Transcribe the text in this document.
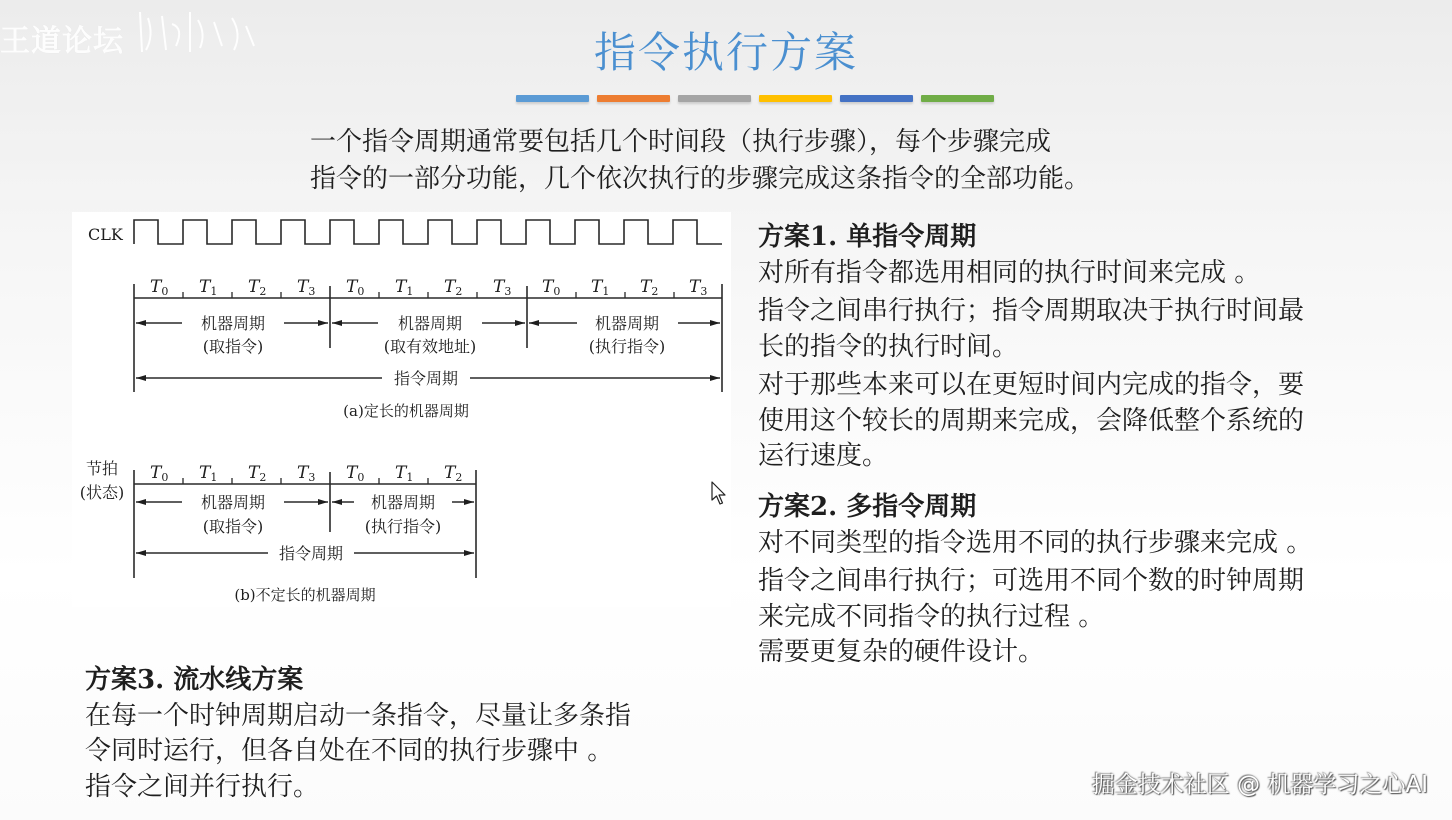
王道论坛	指令执行方案
一个指令周期通常要包括几个时间段（执行步骤），每个步骤完成
指令的一部分功能，几个依次执行的步骤完成这条指令的全部功能。
CLK
T0 T1 T2 T3 T0 T1 T2 T3 T0 T1 T2 T3
机器周期
(取指令)
机器周期
(取有效地址)
机器周期
(执行指令)
指令周期
(a)定长的机器周期
节拍
(状态)
T0 T1 T2 T3 T0 T1 T2
机器周期
(取指令)
机器周期
(执行指令)
指令周期
(b)不定长的机器周期

方案1. 单指令周期

对所有指令都选用相同的执行时间来完成 。

指令之间串行执行；指令周期取决于执行时间最

长的指令的执行时间。

对于那些本来可以在更短时间内完成的指令，要

使用这个较长的周期来完成，会降低整个系统的

运行速度。

方案2. 多指令周期

对不同类型的指令选用不同的执行步骤来完成 。

指令之间串行执行；可选用不同个数的时钟周期

来完成不同指令的执行过程 。

需要更复杂的硬件设计。

方案3. 流水线方案

在每一个时钟周期启动一条指令，尽量让多条指

令同时运行，但各自处在不同的执行步骤中 。

指令之间并行执行。	掘金技术社区 @ 机器学习之心AI
